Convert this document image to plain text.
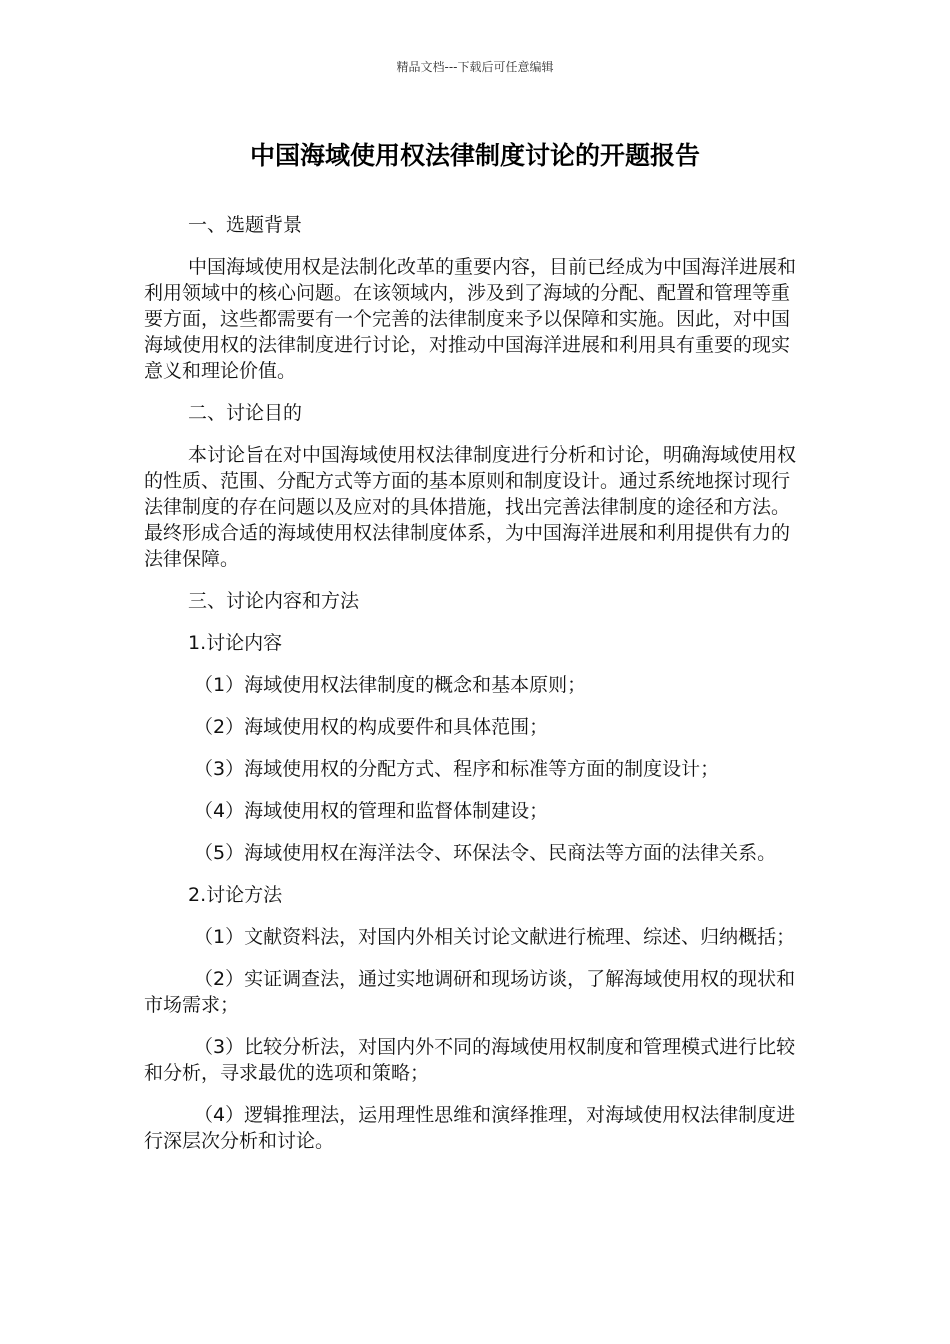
精品文档---下载后可任意编辑
中国海域使用权法律制度讨论的开题报告

一、选题背景

中国海域使用权是法制化改革的重要内容，目前已经成为中国海洋进展和利用领域中的核心问题。在该领域内，涉及到了海域的分配、配置和管理等重要方面，这些都需要有一个完善的法律制度来予以保障和实施。因此，对中国海域使用权的法律制度进行讨论，对推动中国海洋进展和利用具有重要的现实意义和理论价值。

二、讨论目的

本讨论旨在对中国海域使用权法律制度进行分析和讨论，明确海域使用权的性质、范围、分配方式等方面的基本原则和制度设计。通过系统地探讨现行法律制度的存在问题以及应对的具体措施，找出完善法律制度的途径和方法。最终形成合适的海域使用权法律制度体系，为中国海洋进展和利用提供有力的法律保障。

三、讨论内容和方法

1.讨论内容

（1）海域使用权法律制度的概念和基本原则；

（2）海域使用权的构成要件和具体范围；

（3）海域使用权的分配方式、程序和标准等方面的制度设计；

（4）海域使用权的管理和监督体制建设；

（5）海域使用权在海洋法令、环保法令、民商法等方面的法律关系。

2.讨论方法

（1）文献资料法，对国内外相关讨论文献进行梳理、综述、归纳概括；

（2）实证调查法，通过实地调研和现场访谈，了解海域使用权的现状和市场需求；

（3）比较分析法，对国内外不同的海域使用权制度和管理模式进行比较和分析，寻求最优的选项和策略；

（4）逻辑推理法，运用理性思维和演绎推理，对海域使用权法律制度进行深层次分析和讨论。
